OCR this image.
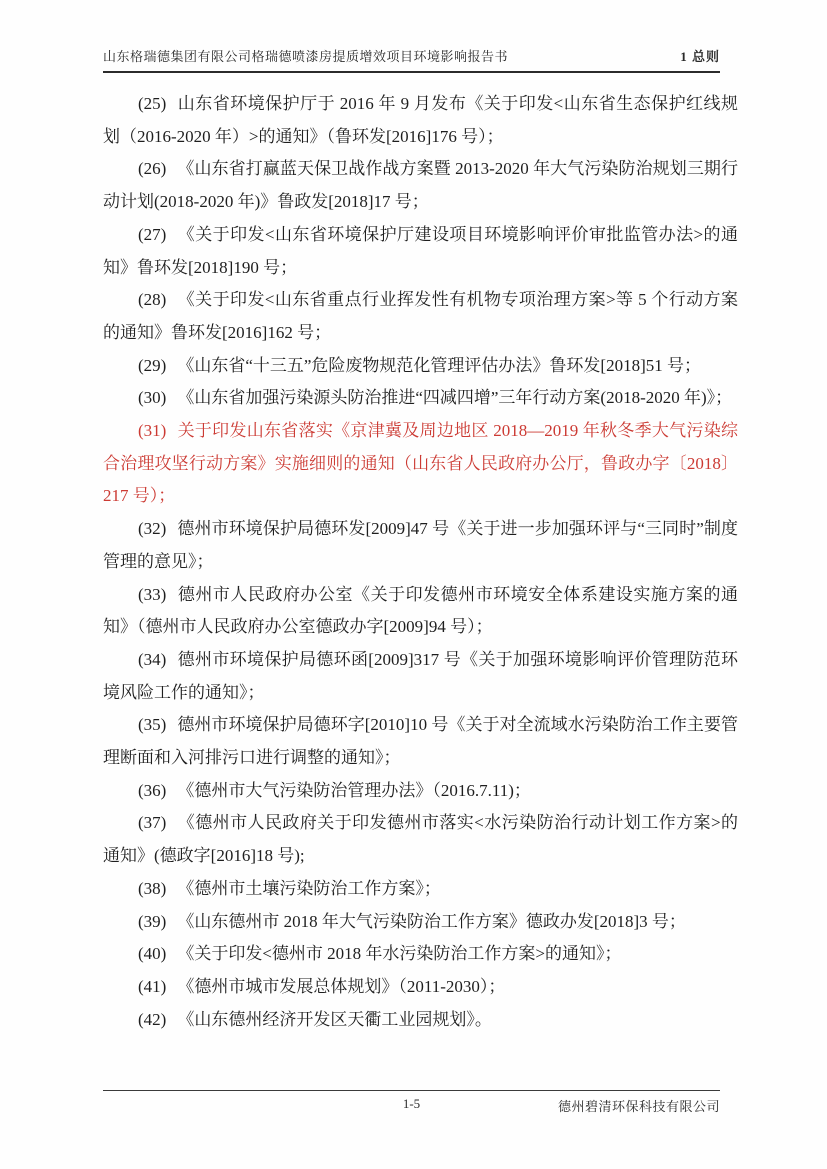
山东格瑞德集团有限公司格瑞德喷漆房提质增效项目环境影响报告书	1 总则

(25) 山东省环境保护厅于 2016 年 9 月发布《关于印发<山东省生态保护红线规划（2016-2020 年）>的通知》（鲁环发[2016]176 号）；

(26) 《山东省打赢蓝天保卫战作战方案暨 2013-2020 年大气污染防治规划三期行动计划(2018-2020 年)》鲁政发[2018]17 号；

(27) 《关于印发<山东省环境保护厅建设项目环境影响评价审批监管办法>的通知》鲁环发[2018]190 号；

(28) 《关于印发<山东省重点行业挥发性有机物专项治理方案>等 5 个行动方案的通知》鲁环发[2016]162 号；

(29) 《山东省“十三五”危险废物规范化管理评估办法》鲁环发[2018]51 号；

(30) 《山东省加强污染源头防治推进“四减四增”三年行动方案(2018-2020 年)》；

(31) 关于印发山东省落实《京津冀及周边地区 2018—2019 年秋冬季大气污染综合治理攻坚行动方案》实施细则的通知（山东省人民政府办公厅，鲁政办字〔2018〕217 号）；

(32) 德州市环境保护局德环发[2009]47 号《关于进一步加强环评与“三同时”制度管理的意见》；

(33) 德州市人民政府办公室《关于印发德州市环境安全体系建设实施方案的通知》（德州市人民政府办公室德政办字[2009]94 号）；

(34) 德州市环境保护局德环函[2009]317 号《关于加强环境影响评价管理防范环境风险工作的通知》；

(35) 德州市环境保护局德环字[2010]10 号《关于对全流域水污染防治工作主要管理断面和入河排污口进行调整的通知》；

(36) 《德州市大气污染防治管理办法》（2016.7.11)；

(37) 《德州市人民政府关于印发德州市落实<水污染防治行动计划工作方案>的通知》(德政字[2016]18 号);

(38) 《德州市土壤污染防治工作方案》；

(39) 《山东德州市 2018 年大气污染防治工作方案》德政办发[2018]3 号；

(40) 《关于印发<德州市 2018 年水污染防治工作方案>的通知》；

(41) 《德州市城市发展总体规划》（2011-2030）；

(42) 《山东德州经济开发区天衢工业园规划》。

1-5	德州碧清环保科技有限公司
